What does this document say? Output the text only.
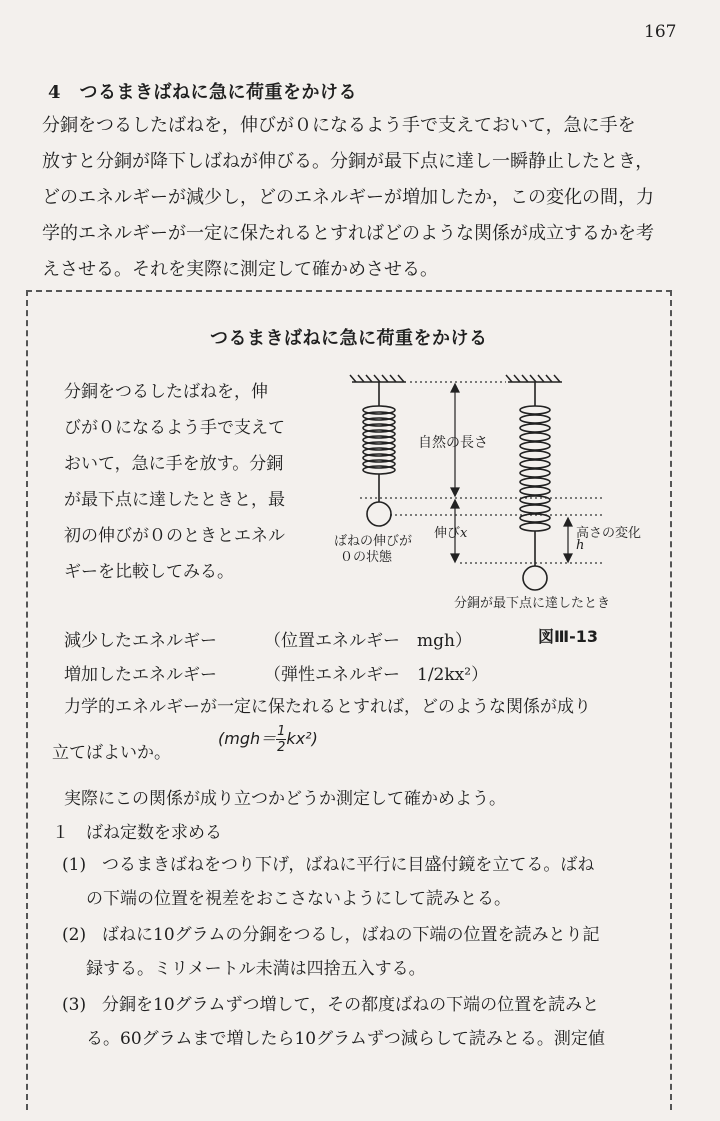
167
4　 つるまきばねに急に荷重をかける

分銅をつるしたばねを，伸びが０になるよう手で支えておいて，急に手を

放すと分銅が降下しばねが伸びる。分銅が最下点に達し一瞬静止したとき，

どのエネルギーが減少し，どのエネルギーが増加したか，この変化の間，力

学的エネルギーが一定に保たれるとすればどのような関係が成立するかを考

えさせる。それを実際に測定して確かめさせる。

つるまきばねに急に荷重をかける

分銅をつるしたばねを，伸

びが０になるよう手で支えて

おいて，急に手を放す。分銅

が最下点に達したときと，最

初の伸びが０のときとエネル

ギーを比較してみる。

自然の長さ
伸びx	高さの変化
h
ばねの伸びが
０の状態
分銅が最下点に達したとき
減少したエネルギー	（位置エネルギー　mgh）	図Ⅲ-13
増加したエネルギー	（弾性エネルギー　1/2kx²）
力学的エネルギーが一定に保たれるとすれば，どのような関係が成り
立てばよいか。
$(mgh= \frac{1}{2} kx^2)$
実際にこの関係が成り立つかどうか測定して確かめよう。
１　ばね定数を求める
(1) つるまきばねをつり下げ，ばねに平行に目盛付鏡を立てる。ばね
の下端の位置を視差をおこさないようにして読みとる。
(2) ばねに10グラムの分銅をつるし，ばねの下端の位置を読みとり記
録する。ミリメートル未満は四捨五入する。
(3) 分銅を10グラムずつ増して，その都度ばねの下端の位置を読みと
る。60グラムまで増したら10グラムずつ減らして読みとる。測定値
